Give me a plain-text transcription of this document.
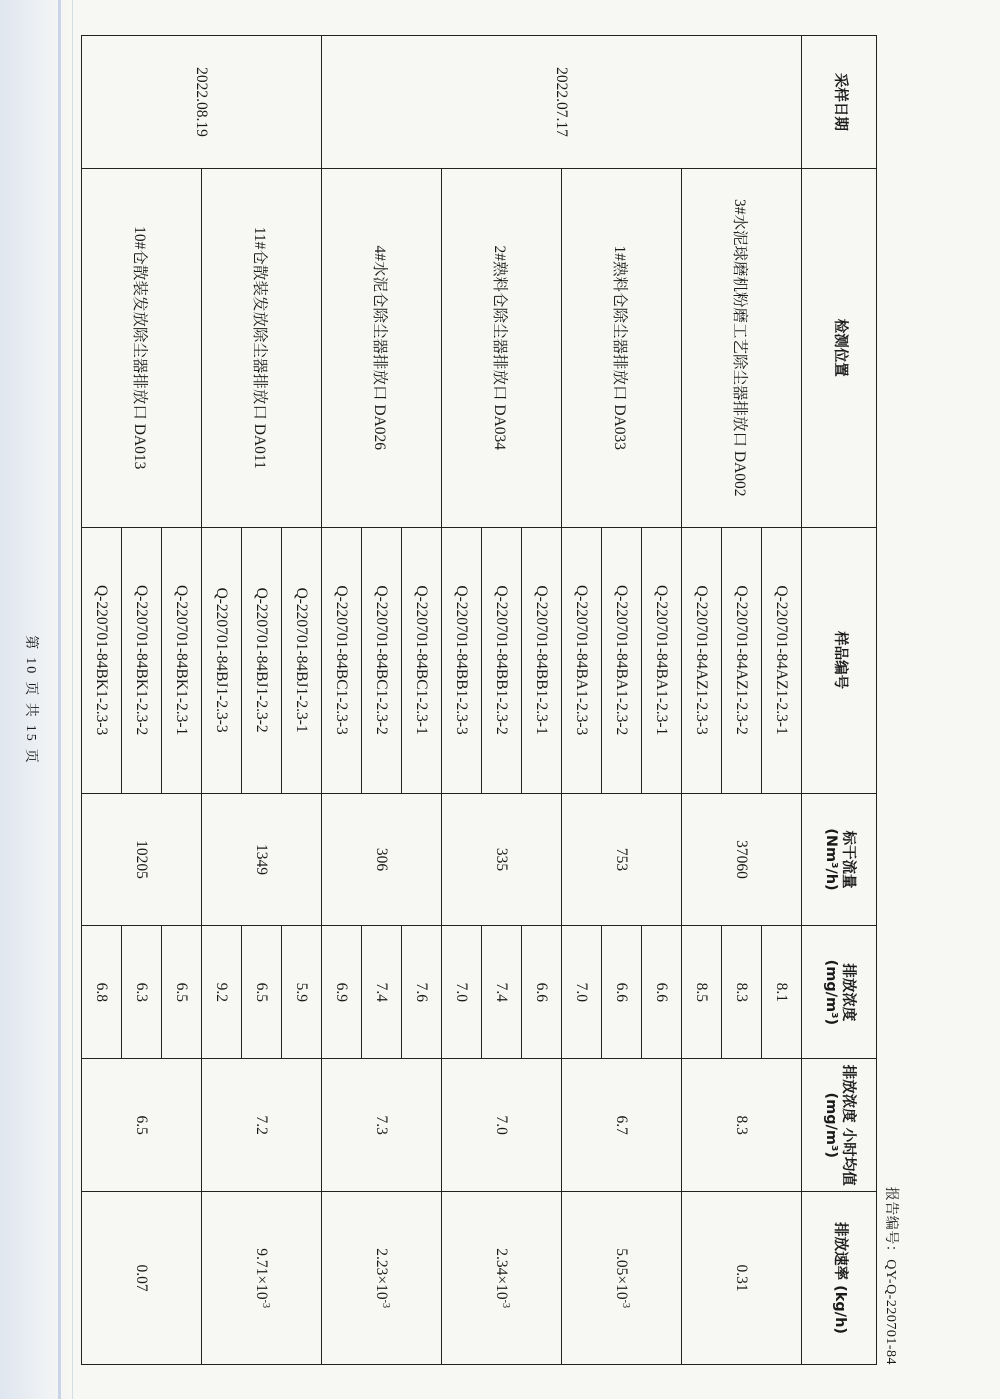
报告编号：QY-Q-220701-84
采样日期	检测位置	样品编号	标干流量 (Nm³/h)	排放浓度 (mg/m³)	排放浓度 小时均值 (mg/m³)	排放速率 (kg/h)
2022.07.17	3#水泥球磨机粉磨工艺除尘器排放口 DA002	Q-220701-84AZ1-2.3-1	37060	8.1	8.3	0.31
		Q-220701-84AZ1-2.3-2		8.3		
		Q-220701-84AZ1-2.3-3		8.5		
	1#熟料仓除尘器排放口 DA033	Q-220701-84BA1-2.3-1	753	6.6	6.7	$5.05\times 10^{-3}$
		Q-220701-84BA1-2.3-2		6.6		
		Q-220701-84BA1-2.3-3		7.0		
	2#熟料仓除尘器排放口 DA034	Q-220701-84BB1-2.3-1	335	6.6	7.0	$2.34\times 10^{-3}$
		Q-220701-84BB1-2.3-2		7.4		
		Q-220701-84BB1-2.3-3		7.0		
	4#水泥仓除尘器排放口 DA026	Q-220701-84BC1-2.3-1	306	7.6	7.3	$2.23\times 10^{-3}$
		Q-220701-84BC1-2.3-2		7.4		
		Q-220701-84BC1-2.3-3		6.9		
2022.08.19	11#仓散装发放除尘器排放口 DA011	Q-220701-84BJ1-2.3-1	1349	5.9	7.2	$9.71\times 10^{-3}$
		Q-220701-84BJ1-2.3-2		6.5		
		Q-220701-84BJ1-2.3-3		9.2		
	10#仓散装发放除尘器排放口 DA013	Q-220701-84BK1-2.3-1	10205	6.5	6.5	0.07
		Q-220701-84BK1-2.3-2		6.3		
		Q-220701-84BK1-2.3-3		6.8		
第10页 共15页
